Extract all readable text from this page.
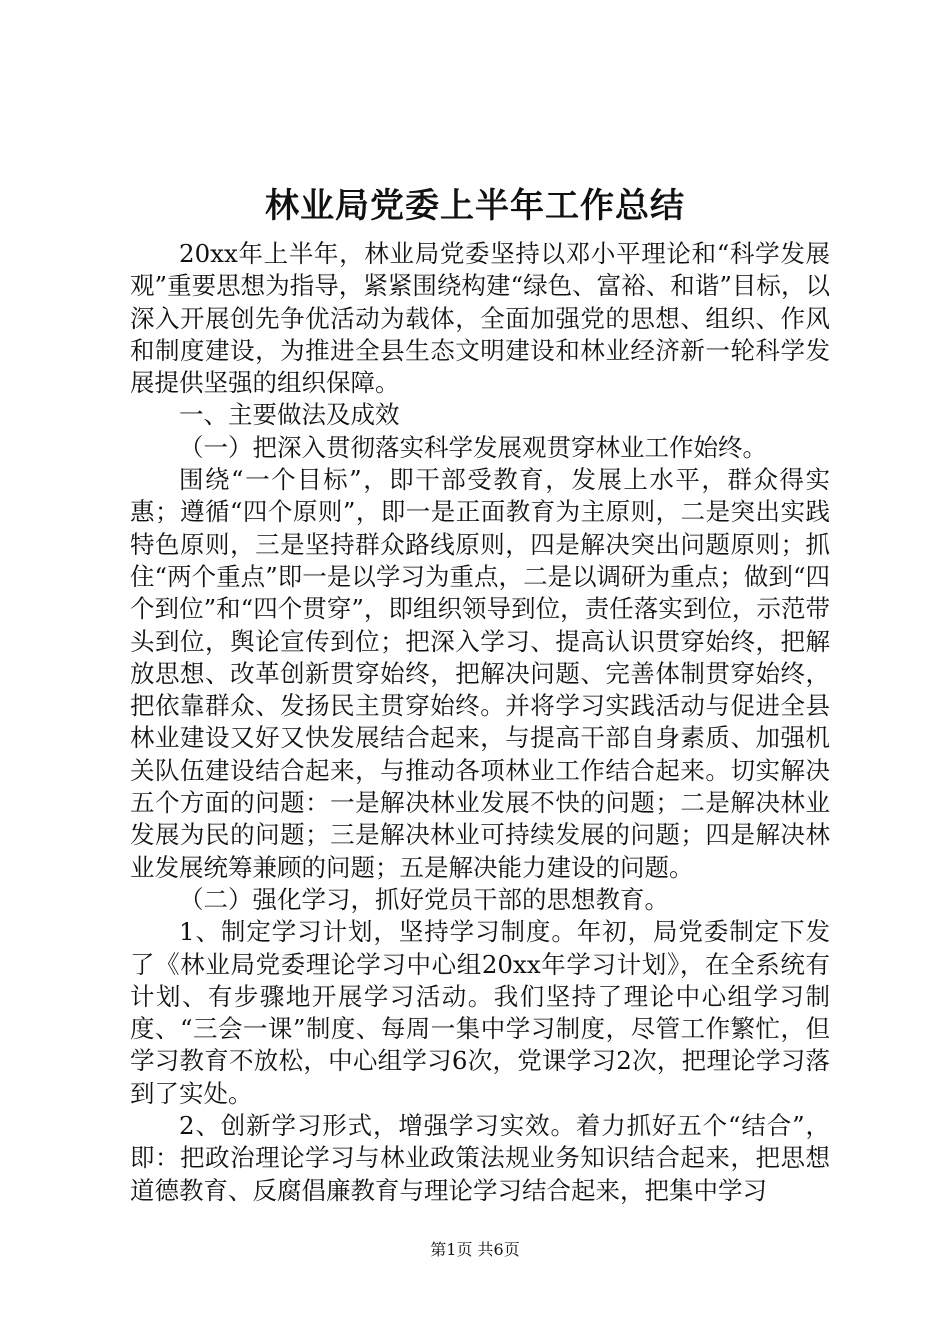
林业局党委上半年工作总结

20xx年上半年，林业局党委坚持以邓小平理论和“科学发展观”重要思想为指导，紧紧围绕构建“绿色、富裕、和谐”目标，以深入开展创先争优活动为载体，全面加强党的思想、组织、作风和制度建设，为推进全县生态文明建设和林业经济新一轮科学发展提供坚强的组织保障。

一、主要做法及成效

（一）把深入贯彻落实科学发展观贯穿林业工作始终。

围绕“一个目标”，即干部受教育，发展上水平，群众得实惠；遵循“四个原则”，即一是正面教育为主原则，二是突出实践特色原则，三是坚持群众路线原则，四是解决突出问题原则；抓住“两个重点”即一是以学习为重点，二是以调研为重点；做到“四个到位”和“四个贯穿”，即组织领导到位，责任落实到位，示范带头到位，舆论宣传到位；把深入学习、提高认识贯穿始终，把解放思想、改革创新贯穿始终，把解决问题、完善体制贯穿始终，把依靠群众、发扬民主贯穿始终。并将学习实践活动与促进全县林业建设又好又快发展结合起来，与提高干部自身素质、加强机关队伍建设结合起来，与推动各项林业工作结合起来。切实解决五个方面的问题：一是解决林业发展不快的问题；二是解决林业发展为民的问题；三是解决林业可持续发展的问题；四是解决林业发展统筹兼顾的问题；五是解决能力建设的问题。

（二）强化学习，抓好党员干部的思想教育。

1、制定学习计划，坚持学习制度。年初，局党委制定下发了《林业局党委理论学习中心组20xx年学习计划》，在全系统有计划、有步骤地开展学习活动。我们坚持了理论中心组学习制度、“三会一课”制度、每周一集中学习制度，尽管工作繁忙，但学习教育不放松，中心组学习6次，党课学习2次，把理论学习落到了实处。

2、创新学习形式，增强学习实效。着力抓好五个“结合”，即：把政治理论学习与林业政策法规业务知识结合起来，把思想道德教育、反腐倡廉教育与理论学习结合起来，把集中学习

第1页 共6页
